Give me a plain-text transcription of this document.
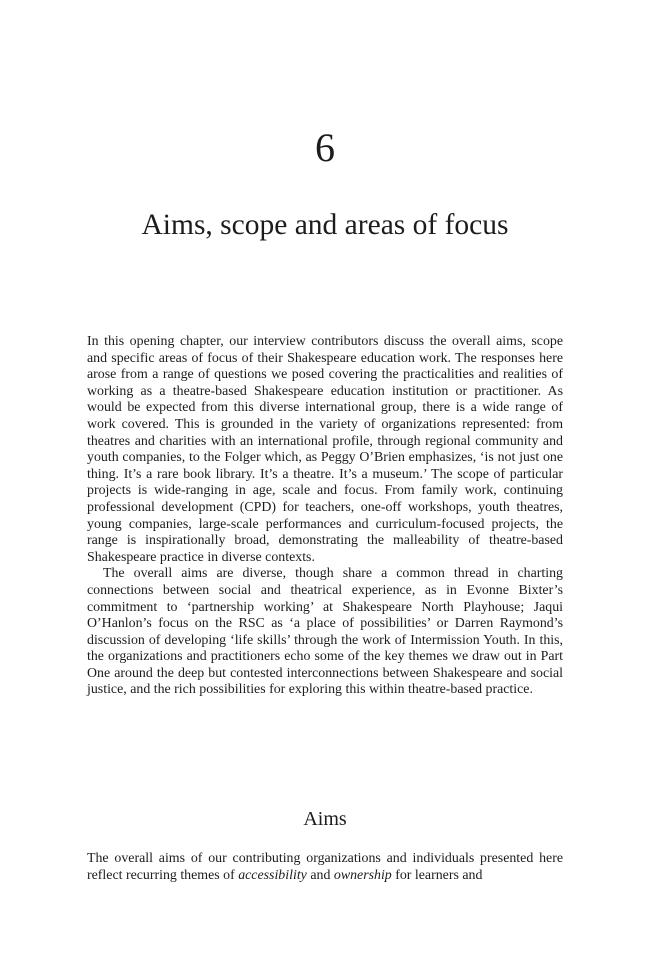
6
Aims, scope and areas of focus

In this opening chapter, our interview contributors discuss the overall aims, scope and specific areas of focus of their Shakespeare education work. The responses here arose from a range of questions we posed covering the practicalities and realities of working as a theatre-based Shakespeare education institution or practitioner. As would be expected from this diverse international group, there is a wide range of work covered. This is grounded in the variety of organizations represented: from theatres and charities with an international profile, through regional community and youth companies, to the Folger which, as Peggy O’Brien emphasizes, ‘is not just one thing. It’s a rare book library. It’s a theatre. It’s a museum.’ The scope of particular projects is wide-ranging in age, scale and focus. From family work, continuing professional development (CPD) for teachers, one-off workshops, youth theatres, young companies, large-scale performances and curriculum-focused projects, the range is inspirationally broad, demonstrating the malleability of theatre-based Shakespeare practice in diverse contexts.

The overall aims are diverse, though share a common thread in charting connections between social and theatrical experience, as in Evonne Bixter’s commitment to ‘partnership working’ at Shakespeare North Playhouse; Jaqui O’Hanlon’s focus on the RSC as ‘a place of possibilities’ or Darren Raymond’s discussion of developing ‘life skills’ through the work of Intermission Youth. In this, the organizations and practitioners echo some of the key themes we draw out in Part One around the deep but contested interconnections between Shakespeare and social justice, and the rich possibilities for exploring this within theatre-based practice.

Aims

The overall aims of our contributing organizations and individuals presented here reflect recurring themes of accessibility and ownership for learners and
